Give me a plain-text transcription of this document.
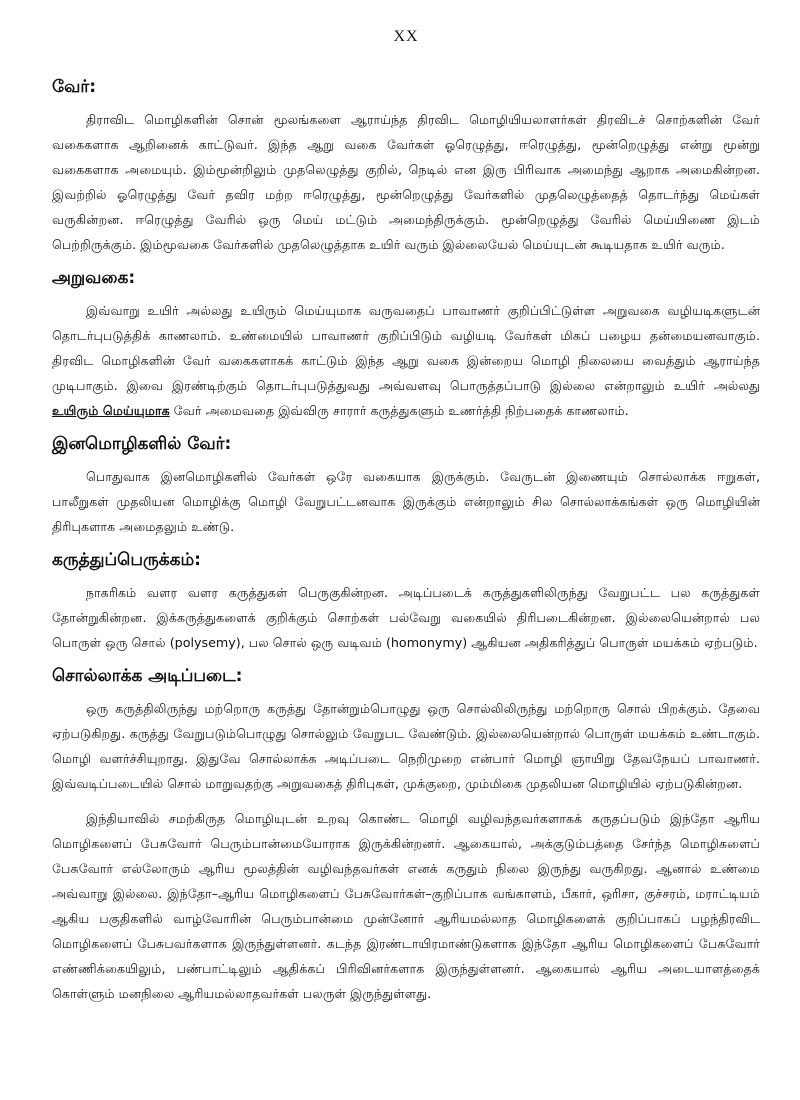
XX
வேர்:

திராவிட மொழிகளின் சொன் மூலங்களை ஆராய்ந்த திரவிட மொழியியலாளர்கள் திரவிடச் சொற்களின் வேர் வகைகளாக ஆறினைக் காட்டுவர். இந்த ஆறு வகை வேர்கள் ஓரெழுத்து, ஈரெழுத்து, மூன்றெழுத்து என்று மூன்று வகைகளாக அமையும். இம்மூன்றிலும் முதலெழுத்து குறில், நெடில் என இரு பிரிவாக அமைந்து ஆறாக அமைகின்றன. இவற்றில் ஓரெழுத்து வேர் தவிர மற்ற ஈரெழுத்து, மூன்றெழுத்து வேர்களில் முதலெழுத்தைத் தொடர்ந்து மெய்கள் வருகின்றன. ஈரெழுத்து வேரில் ஒரு மெய் மட்டும் அமைந்திருக்கும். மூன்றெழுத்து வேரில் மெய்யிணை இடம் பெற்றிருக்கும். இம்மூவகை வேர்களில் முதலெழுத்தாக உயிர் வரும் இல்லையேல் மெய்யுடன் கூடியதாக உயிர் வரும்.

அறுவகை:

இவ்வாறு உயிர் அல்லது உயிரும் மெய்யுமாக வருவதைப் பாவாணர் குறிப்பிட்டுள்ள அறுவகை வழியடிகளுடன் தொடர்புபடுத்திக் காணலாம். உண்மையில் பாவாணர் குறிப்பிடும் வழியடி வேர்கள் மிகப் பழைய தன்மையனவாகும். திரவிட மொழிகளின் வேர் வகைகளாகக் காட்டும் இந்த ஆறு வகை இன்றைய மொழி நிலையை வைத்தும் ஆராய்ந்த முடிபாகும். இவை இரண்டிற்கும் தொடர்புபடுத்துவது அவ்வளவு பொருத்தப்பாடு இல்லை என்றாலும் உயிர் அல்லது உயிரும் மெய்யுமாக வேர் அமைவதை இவ்விரு சாரார் கருத்துகளும் உணர்த்தி நிற்பதைக் காணலாம்.

இனமொழிகளில் வேர்:

பொதுவாக இனமொழிகளில் வேர்கள் ஒரே வகையாக இருக்கும். வேருடன் இணையும் சொல்லாக்க ஈறுகள், பாலீறுகள் முதலியன மொழிக்கு மொழி வேறுபட்டனவாக இருக்கும் என்றாலும் சில சொல்லாக்கங்கள் ஒரு மொழியின் திரிபுகளாக அமைதலும் உண்டு.

கருத்துப்பெருக்கம்:

நாகரிகம் வளர வளர கருத்துகள் பெருகுகின்றன. அடிப்படைக் கருத்துகளிலிருந்து வேறுபட்ட பல கருத்துகள் தோன்றுகின்றன. இக்கருத்துகளைக் குறிக்கும் சொற்கள் பல்வேறு வகையில் திரிபடைகின்றன. இல்லையென்றால் பல பொருள் ஒரு சொல் (polysemy), பல சொல் ஒரு வடிவம் (homonymy) ஆகியன அதிகரித்துப் பொருள் மயக்கம் ஏற்படும்.

சொல்லாக்க அடிப்படை:

ஒரு கருத்திலிருந்து மற்றொரு கருத்து தோன்றும்பொழுது ஒரு சொல்லிலிருந்து மற்றொரு சொல் பிறக்கும். தேவை ஏற்படுகிறது. கருத்து வேறுபடும்பொழுது சொல்லும் வேறுபட வேண்டும். இல்லையென்றால் பொருள் மயக்கம் உண்டாகும். மொழி வளர்ச்சியுறாது. இதுவே சொல்லாக்க அடிப்படை நெறிமுறை என்பார் மொழி ஞாயிறு தேவநேயப் பாவாணர். இவ்வடிப்படையில் சொல் மாறுவதற்கு அறுவகைத் திரிபுகள், முக்குறை, மும்மிகை முதலியன மொழியில் ஏற்படுகின்றன.

இந்தியாவில் சமற்கிருத மொழியுடன் உறவு கொண்ட மொழி வழிவந்தவர்களாகக் கருதப்படும் இந்தோ ஆரிய மொழிகளைப் பேசுவோர் பெரும்பான்மையோராக இருக்கின்றனர். ஆகையால், அக்குடும்பத்தை சேர்ந்த மொழிகளைப் பேசுவோர் எல்லோரும் ஆரிய மூலத்தின் வழிவந்தவர்கள் எனக் கருதும் நிலை இருந்து வருகிறது. ஆனால் உண்மை அவ்வாறு இல்லை. இந்தோ–ஆரிய மொழிகளைப் பேசுவோர்கள்–குறிப்பாக வங்காளம், பீகார், ஒரிசா, குச்சரம், மராட்டியம் ஆகிய பகுதிகளில் வாழ்வோரின் பெரும்பான்மை முன்னோர் ஆரியமல்லாத மொழிகளைக் குறிப்பாகப் பழந்திரவிட மொழிகளைப் பேசுபவர்களாக இருந்துள்ளனர். கடந்த இரண்டாயிரமாண்டுகளாக இந்தோ ஆரிய மொழிகளைப் பேசுவோர் எண்ணிக்கையிலும், பண்பாட்டிலும் ஆதிக்கப் பிரிவினர்களாக இருந்துள்ளனர். ஆகையால் ஆரிய அடையாளத்தைக் கொள்ளும் மனநிலை ஆரியமல்லாதவர்கள் பலருள் இருந்துள்ளது.
